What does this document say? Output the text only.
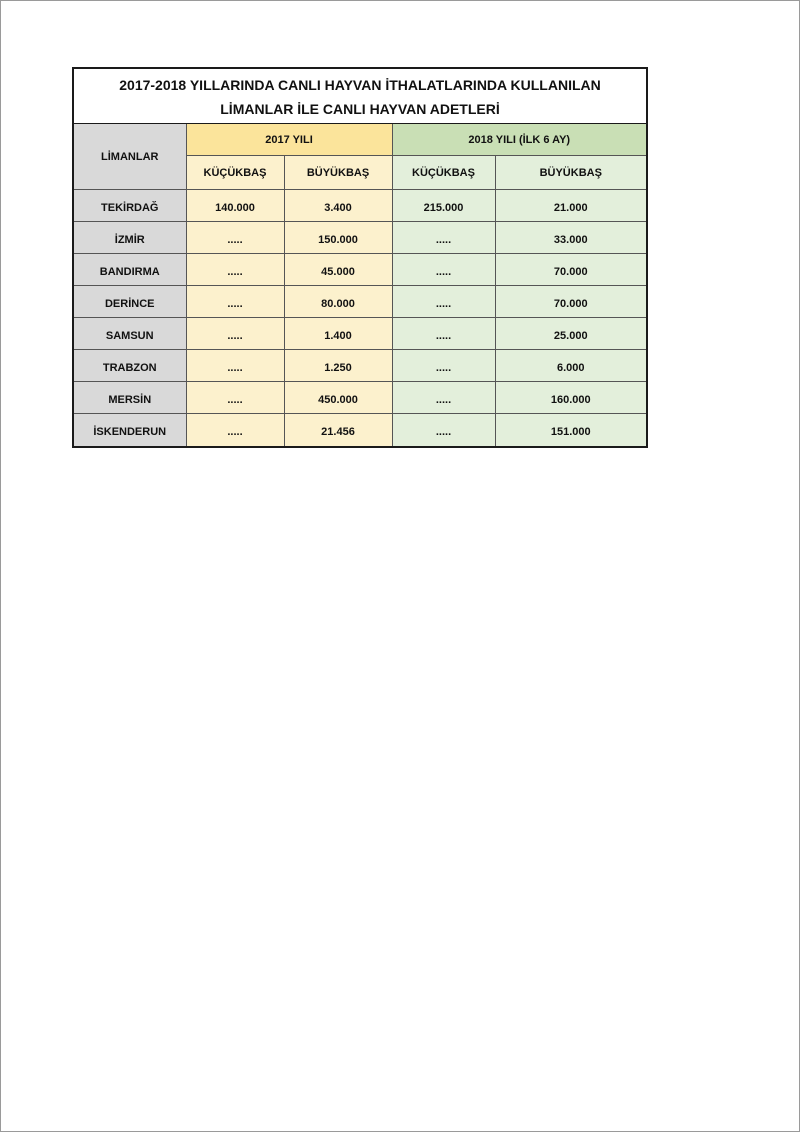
2017-2018 YILLARINDA CANLI HAYVAN İTHALATLARINDA KULLANILAN
LİMANLAR İLE CANLI HAYVAN ADETLERİ
LİMANLAR	2017 YILI		2018 YILI (İLK 6 AY)	
	KÜÇÜKBAŞ	BÜYÜKBAŞ	KÜÇÜKBAŞ	BÜYÜKBAŞ
TEKİRDAĞ	140.000	3.400	215.000	21.000
İZMİR	.....	150.000	.....	33.000
BANDIRMA	.....	45.000	.....	70.000
DERİNCE	.....	80.000	.....	70.000
SAMSUN	.....	1.400	.....	25.000
TRABZON	.....	1.250	.....	6.000
MERSİN	.....	450.000	.....	160.000
İSKENDERUN	.....	21.456	.....	151.000
